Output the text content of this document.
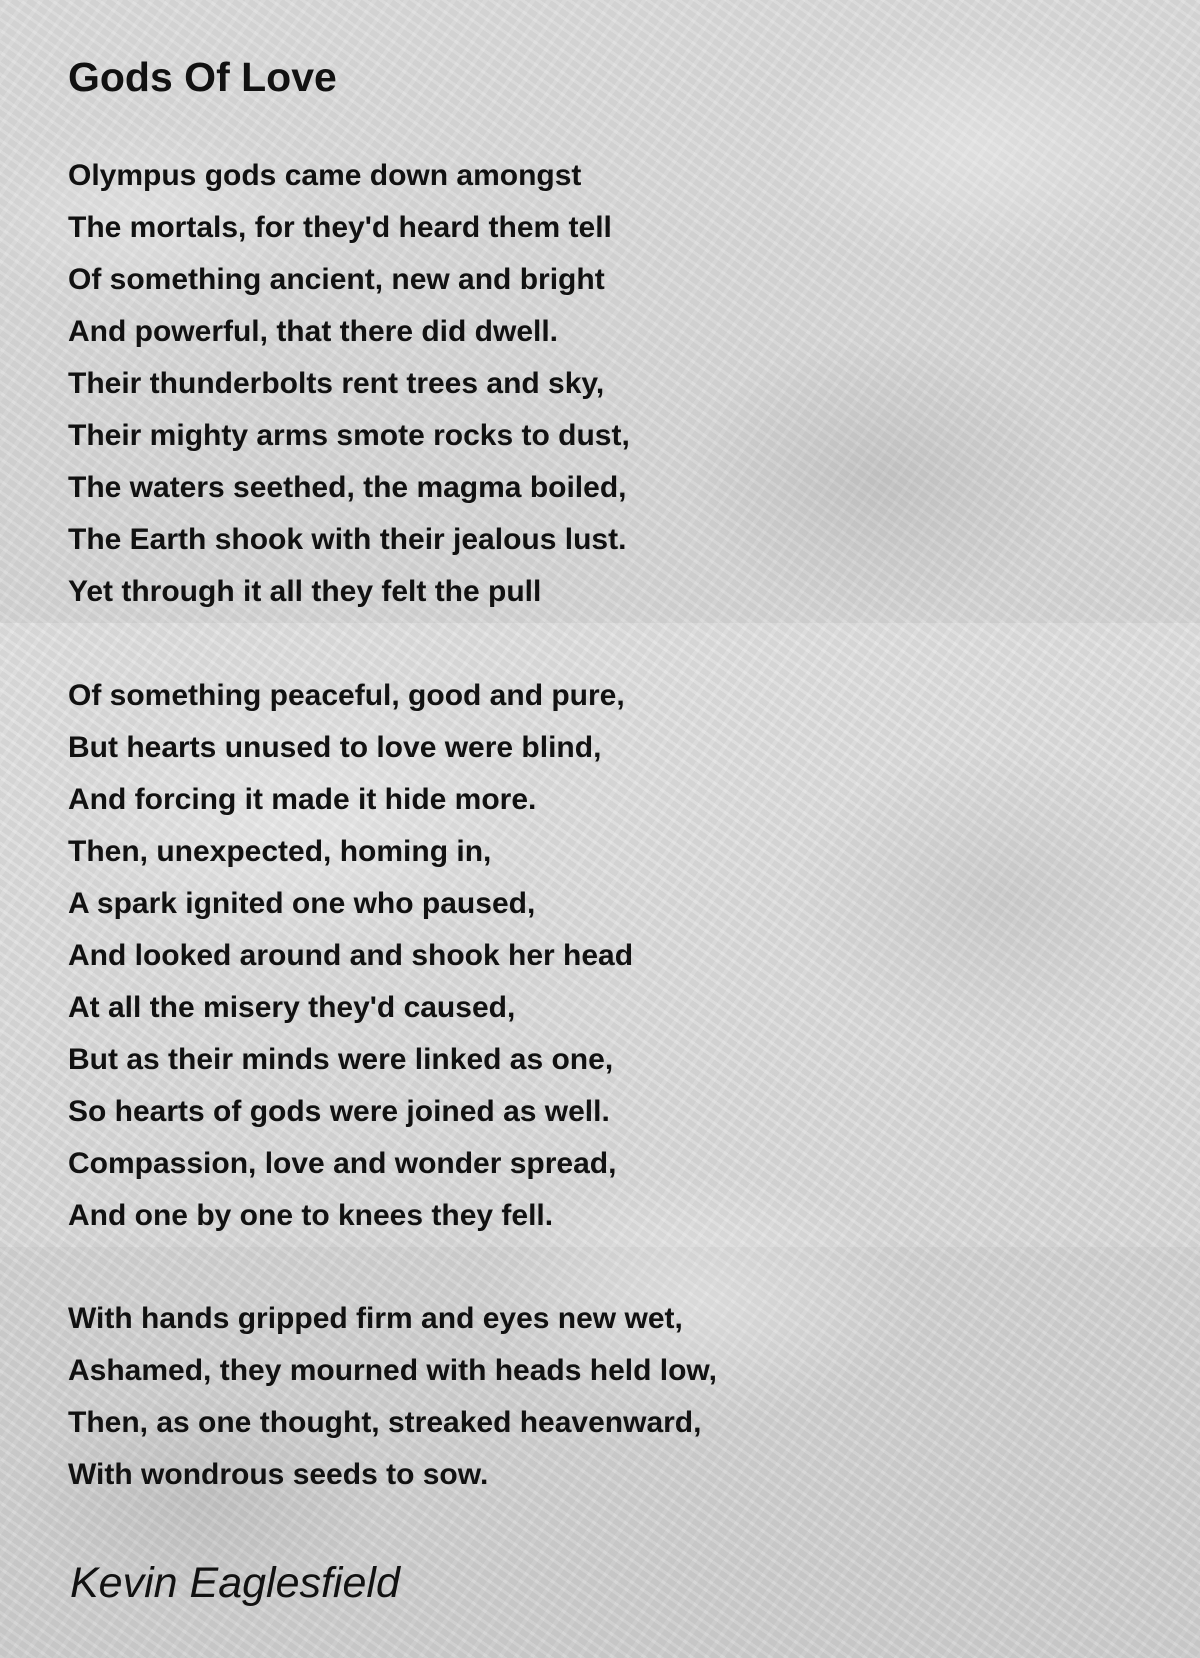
Gods Of Love
Olympus gods came down amongst
The mortals, for they'd heard them tell
Of something ancient, new and bright
And powerful, that there did dwell.
Their thunderbolts rent trees and sky,
Their mighty arms smote rocks to dust,
The waters seethed, the magma boiled,
The Earth shook with their jealous lust.
Yet through it all they felt the pull
Of something peaceful, good and pure,
But hearts unused to love were blind,
And forcing it made it hide more.
Then, unexpected, homing in,
A spark ignited one who paused,
And looked around and shook her head
At all the misery they'd caused,
But as their minds were linked as one,
So hearts of gods were joined as well.
Compassion, love and wonder spread,
And one by one to knees they fell.
With hands gripped firm and eyes new wet,
Ashamed, they mourned with heads held low,
Then, as one thought, streaked heavenward,
With wondrous seeds to sow.
Kevin Eaglesfield
